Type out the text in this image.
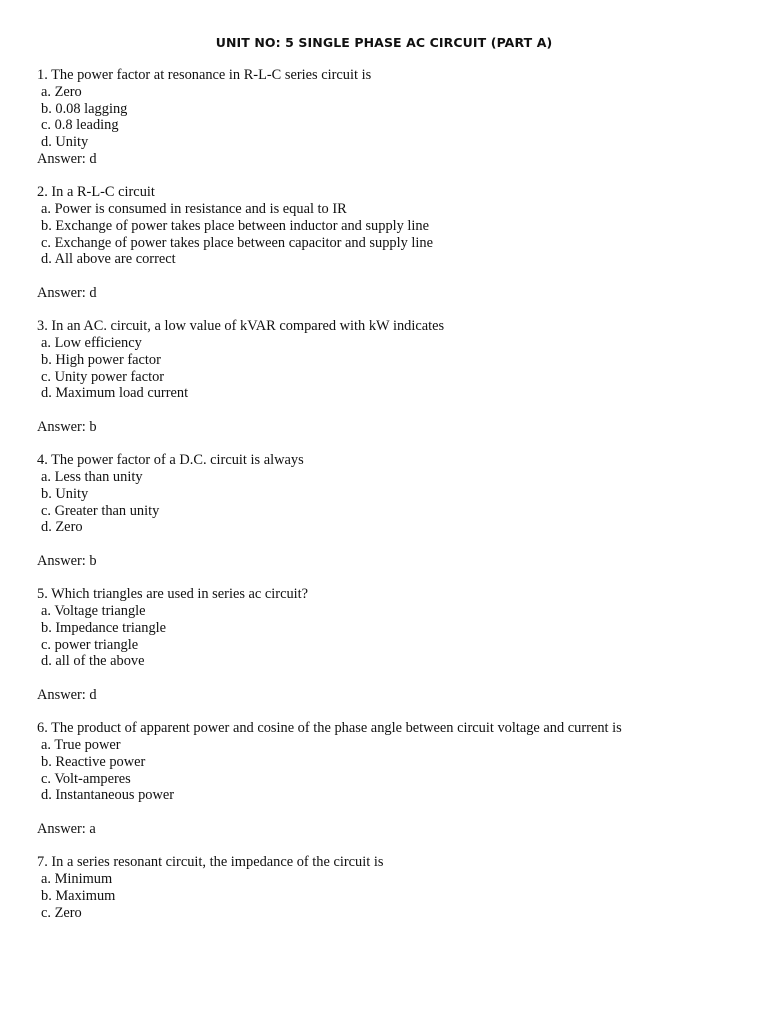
UNIT NO: 5 SINGLE PHASE AC CIRCUIT (PART A)
1. The power factor at resonance in R-L-C series circuit is
a. Zero
b. 0.08 lagging
c. 0.8 leading
d. Unity
Answer: d
2. In a R-L-C circuit
a. Power is consumed in resistance and is equal to IR
b. Exchange of power takes place between inductor and supply line
c. Exchange of power takes place between capacitor and supply line
d. All above are correct
Answer: d
3. In an AC. circuit, a low value of kVAR compared with kW indicates
a. Low efficiency
b. High power factor
c. Unity power factor
d. Maximum load current
Answer: b
4. The power factor of a D.C. circuit is always
a. Less than unity
b. Unity
c. Greater than unity
d. Zero
Answer: b
5. Which triangles are used in series ac circuit?
a. Voltage triangle
b. Impedance triangle
c. power triangle
d. all of the above
Answer: d
6. The product of apparent power and cosine of the phase angle between circuit voltage and current is
a. True power
b. Reactive power
c. Volt-amperes
d. Instantaneous power
Answer: a
7. In a series resonant circuit, the impedance of the circuit is
a. Minimum
b. Maximum
c. Zero
